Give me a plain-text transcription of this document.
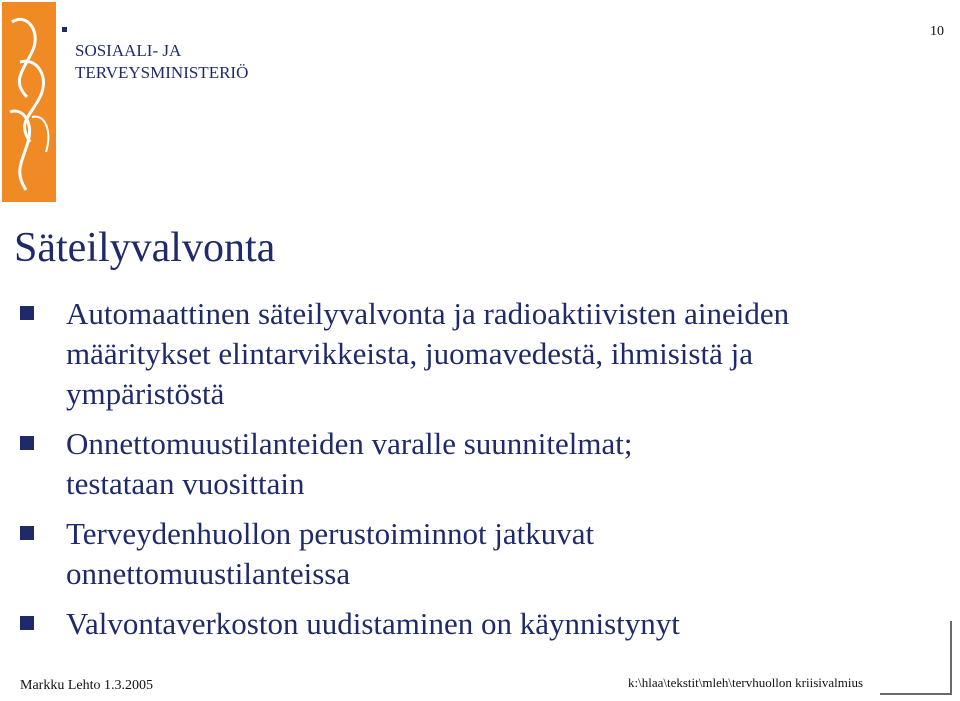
SOSIAALI- JA
TERVEYSMINISTERIÖ
10
Säteilyvalvonta
Automaattinen säteilyvalvonta ja radioaktiivisten aineiden
määritykset elintarvikkeista, juomavedestä, ihmisistä ja
ympäristöstä
Onnettomuustilanteiden varalle suunnitelmat;
testataan vuosittain
Terveydenhuollon perustoiminnot jatkuvat
onnettomuustilanteissa
Valvontaverkoston uudistaminen on käynnistynyt
Markku Lehto 1.3.2005	k:\hlaa\tekstit\mleh\tervhuollon kriisivalmius
